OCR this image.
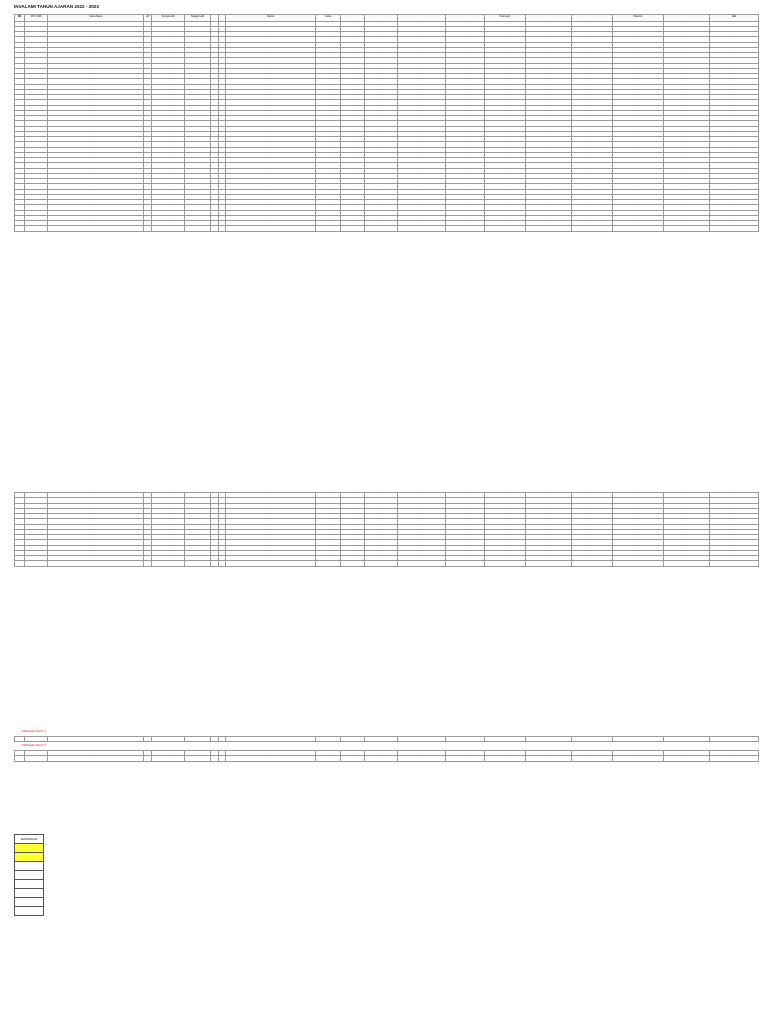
INVALAMI TAHUN AJARAN 2022 - 2023
NO	NIS / NISN	Nama Siswa	L/P	Tempat Lahir	Tanggal Lahir			Alamat	Kelas					Data Ayah			Data Ibu		Wali
·	·	·	·	·	·	·	·	·	·	·	·	·	·	·	·	·	·	·	·
·	·	·	·	·	·	·	·	·	·	·	·	·	·	·	·	·	·	·	·
·	·	·	·	·	·	·	·	·	·	·	·	·	·	·	·	·	·	·	·
·	·	·	·	·	·	·	·	·	·	·	·	·	·	·	·	·	·	·	·
·	·	·	·	·	·	·	·	·	·	·	·	·	·	·	·	·	·	·	·
·	·	·	·	·	·	·	·	·	·	·	·	·	·	·	·	·	·	·	·
·	·	·	·	·	·	·	·	·	·	·	·	·	·	·	·	·	·	·	·
·	·	·	·	·	·	·	·	·	·	·	·	·	·	·	·	·	·	·	·
·	·	·	·	·	·	·	·	·	·	·	·	·	·	·	·	·	·	·	·
·	·	·	·	·	·	·	·	·	·	·	·	·	·	·	·	·	·	·	·
·	·	·	·	·	·	·	·	·	·	·	·	·	·	·	·	·	·	·	·
·	·	·	·	·	·	·	·	·	·	·	·	·	·	·	·	·	·	·	·
·	·	·	·	·	·	·	·	·	·	·	·	·	·	·	·	·	·	·	·
·	·	·	·	·	·	·	·	·	·	·	·	·	·	·	·	·	·	·	·
·	·	·	·	·	·	·	·	·	·	·	·	·	·	·	·	·	·	·	·
·	·	·	·	·	·	·	·	·	·	·	·	·	·	·	·	·	·	·	·
·	·	·	·	·	·	·	·	·	·	·	·	·	·	·	·	·	·	·	·
·	·	·	·	·	·	·	·	·	·	·	·	·	·	·	·	·	·	·	·
·	·	·	·	·	·	·	·	·	·	·	·	·	·	·	·	·	·	·	·
·	·	·	·	·	·	·	·	·	·	·	·	·	·	·	·	·	·	·	·
·	·	·	·	·	·	·	·	·	·	·	·	·	·	·	·	·	·	·	·
·	·	·	·	·	·	·	·	·	·	·	·	·	·	·	·	·	·	·	·
·	·	·	·	·	·	·	·	·	·	·	·	·	·	·	·	·	·	·	·
·	·	·	·	·	·	·	·	·	·	·	·	·	·	·	·	·	·	·	·
·	·	·	·	·	·	·	·	·	·	·	·	·	·	·	·	·	·	·	·
·	·	·	·	·	·	·	·	·	·	·	·	·	·	·	·	·	·	·	·
·	·	·	·	·	·	·	·	·	·	·	·	·	·	·	·	·	·	·	·
·	·	·	·	·	·	·	·	·	·	·	·	·	·	·	·	·	·	·	·
·	·	·	·	·	·	·	·	·	·	·	·	·	·	·	·	·	·	·	·
·	·	·	·	·	·	·	·	·	·	·	·	·	·	·	·	·	·	·	·
·	·	·	·	·	·	·	·	·	·	·	·	·	·	·	·	·	·	·	·
·	·	·	·	·	·	·	·	·	·	·	·	·	·	·	·	·	·	·	·
·	·	·	·	·	·	·	·	·	·	·	·	·	·	·	·	·	·	·	·
·	·	·	·	·	·	·	·	·	·	·	·	·	·	·	·	·	·	·	·
·	·	·	·	·	·	·	·	·	·	·	·	·	·	·	·	·	·	·	·
·	·	·	·	·	·	·	·	·	·	·	·	·	·	·	·	·	·	·	·
·	·	·	·	·	·	·	·	·	·	·	·	·	·	·	·	·	·	·	·
·	·	·	·	·	·	·	·	·	·	·	·	·	·	·	·	·	·	·	·
·	·	·	·	·	·	·	·	·	·	·	·	·	·	·	·	·	·	·	·
·	·	·	·	·	·	·	·	·	·	·	·	·	·	·	·	·	·	·	·
·	·	·	·	·	·	·	·	·	·	·	·	·	·	·	·	·	·	·	·
·	·	·	·	·	·	·	·	·	·	·	·	·	·	·	·	·	·	·	·
·	·	·	·	·	·	·	·	·	·	·	·	·	·	·	·	·	·	·	·
·	·	·	·	·	·	·	·	·	·	·	·	·	·	·	·	·	·	·	·
·	·	·	·	·	·	·	·	·	·	·	·	·	·	·	·	·	·	·	·
·	·	·	·	·	·	·	·	·	·	·	·	·	·	·	·	·	·	·	·
·	·	·	·	·	·	·	·	·	·	·	·	·	·	·	·	·	·	·	·
·	·	·	·	·	·	·	·	·	·	·	·	·	·	·	·	·	·	·	·
·	·	·	·	·	·	·	·	·	·	·	·	·	·	·	·	·	·	·	·
·	·	·	·	·	·	·	·	·	·	·	·	·	·	·	·	·	·	·	·
·	·	·	·	·	·	·	·	·	·	·	·	·	·	·	·	·	·	·	·
·	·	·	·	·	·	·	·	·	·	·	·	·	·	·	·	·	·	·	·
·	·	·	·	·	·	·	·	·	·	·	·	·	·	·	·	·	·	·	·
·	·	·	·	·	·	·	·	·	·	·	·	·	·	·	·	·	·	·	·
PINDAHAN KE XX 1
·	·	·	·	·	·	·	·	·	·	·	·	·	·	·	·	·	·	·	·
PINDAHAN KE XX 2
·	·	·	·	·	·	·	·	·	·	·	·	·	·	·	·	·	·	·	·
·	·	·	·	·	·	·	·	·	·	·	·	·	·	·	·	·	·	·	·
KETERANGAN
